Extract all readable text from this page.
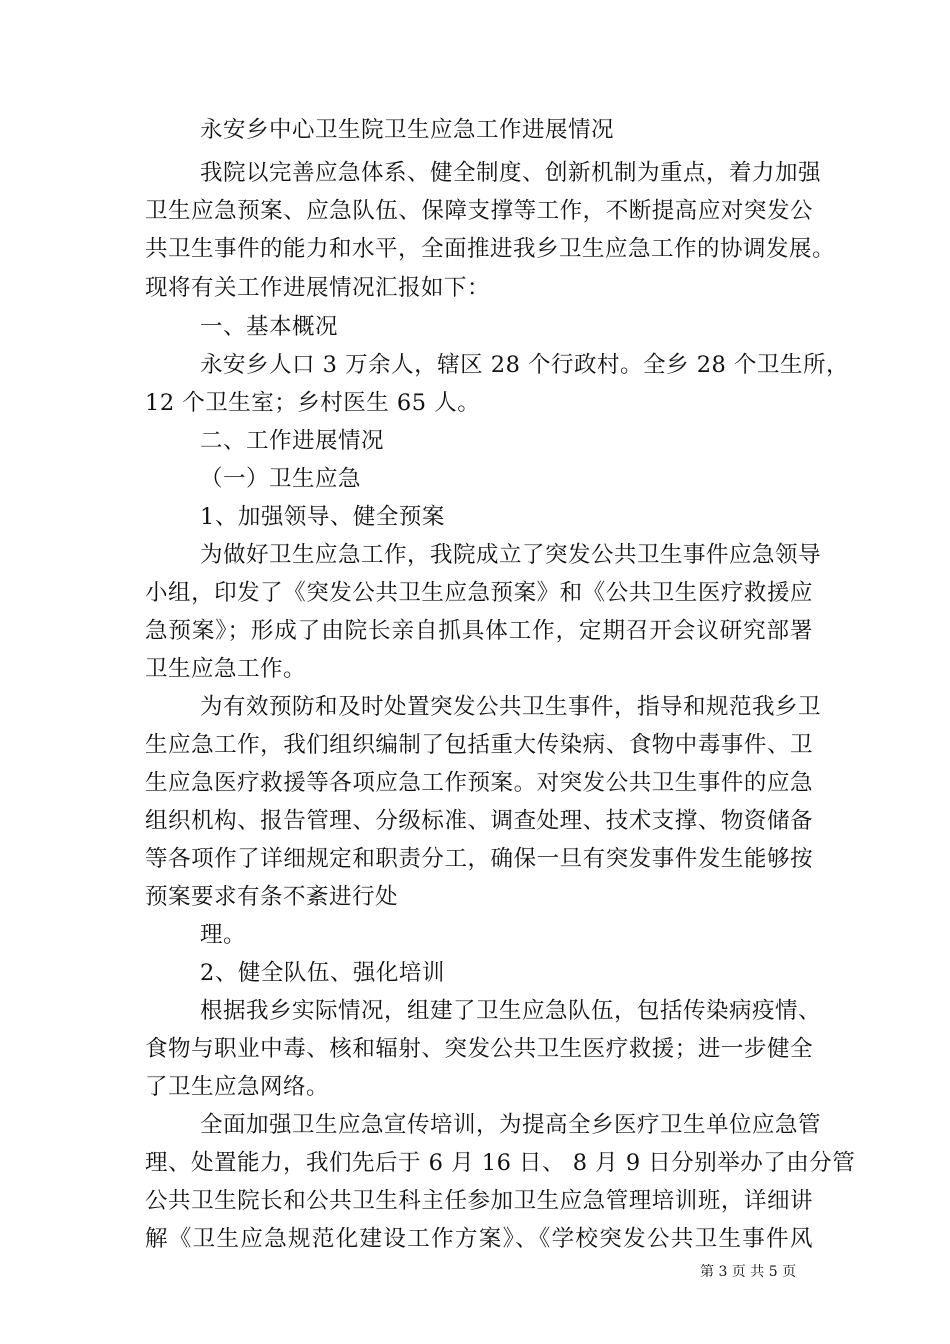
永安乡中心卫生院卫生应急工作进展情况
我院以完善应急体系、健全制度、创新机制为重点，着力加强
卫生应急预案、应急队伍、保障支撑等工作，不断提高应对突发公
共卫生事件的能力和水平，全面推进我乡卫生应急工作的协调发展。
现将有关工作进展情况汇报如下：
一、基本概况
永安乡人口 3 万余人，辖区 28 个行政村。全乡 28 个卫生所，
12 个卫生室；乡村医生 65 人。
二、工作进展情况
（一）卫生应急
1、加强领导、健全预案
为做好卫生应急工作，我院成立了突发公共卫生事件应急领导
小组，印发了《突发公共卫生应急预案》和《公共卫生医疗救援应
急预案》；形成了由院长亲自抓具体工作，定期召开会议研究部署
卫生应急工作。
为有效预防和及时处置突发公共卫生事件，指导和规范我乡卫
生应急工作，我们组织编制了包括重大传染病、食物中毒事件、卫
生应急医疗救援等各项应急工作预案。对突发公共卫生事件的应急
组织机构、报告管理、分级标准、调查处理、技术支撑、物资储备
等各项作了详细规定和职责分工，确保一旦有突发事件发生能够按
预案要求有条不紊进行处
理。
2、健全队伍、强化培训
根据我乡实际情况，组建了卫生应急队伍，包括传染病疫情、
食物与职业中毒、核和辐射、突发公共卫生医疗救援；进一步健全
了卫生应急网络。
全面加强卫生应急宣传培训，为提高全乡医疗卫生单位应急管
理、处置能力，我们先后于 6 月 16 日、 8 月 9 日分别举办了由分管
公共卫生院长和公共卫生科主任参加卫生应急管理培训班，详细讲
解《卫生应急规范化建设工作方案》、《学校突发公共卫生事件风
第 3 页 共 5 页
